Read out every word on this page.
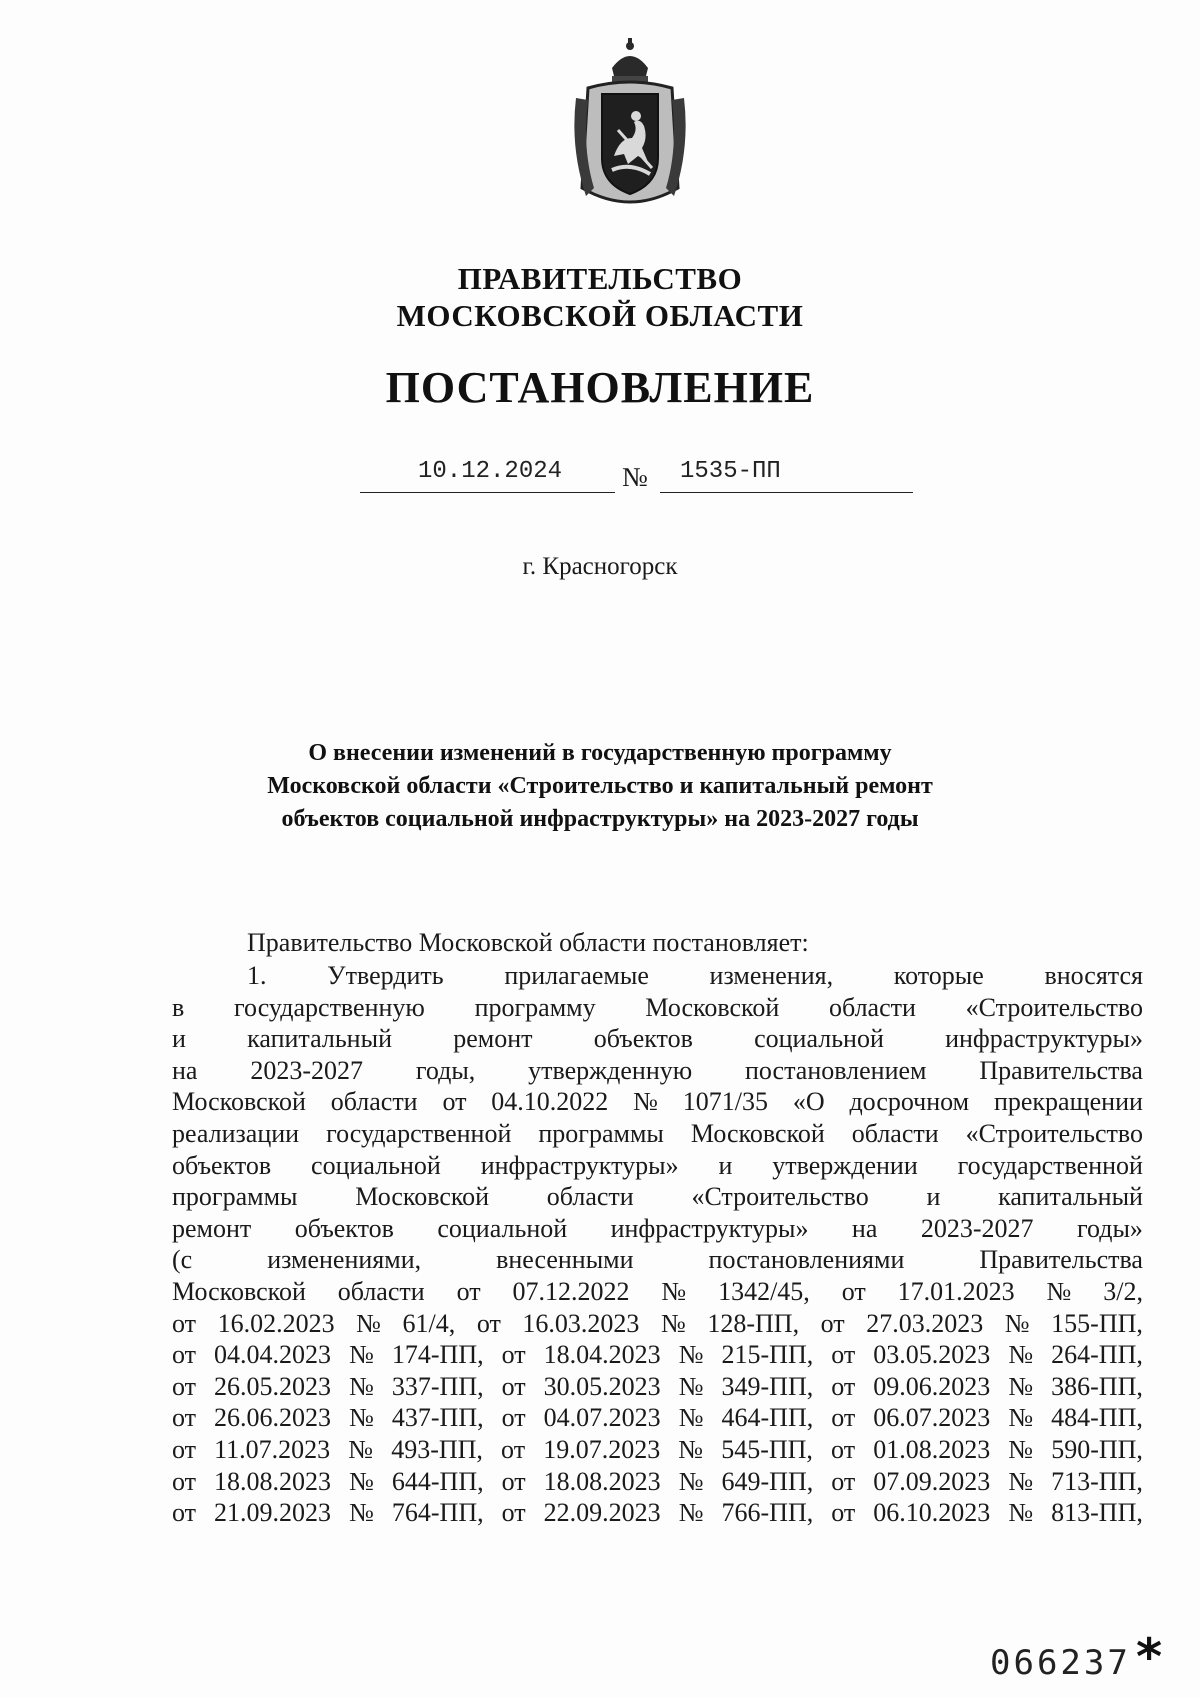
ПРАВИТЕЛЬСТВО
МОСКОВСКОЙ ОБЛАСТИ
ПОСТАНОВЛЕНИЕ
10.12.2024 № 1535-ПП
г. Красногорск
О внесении изменений в государственную программу
Московской области «Строительство и капитальный ремонт
объектов социальной инфраструктуры» на 2023-2027 годы
Правительство Московской области постановляет:
1. Утвердить прилагаемые изменения, которые вносятся
в государственную программу Московской области «Строительство
и капитальный ремонт объектов социальной инфраструктуры»
на 2023-2027 годы, утвержденную постановлением Правительства
Московской области от 04.10.2022 № 1071/35 «О досрочном прекращении
реализации государственной программы Московской области «Строительство
объектов социальной инфраструктуры» и утверждении государственной
программы Московской области «Строительство и капитальный
ремонт объектов социальной инфраструктуры» на 2023-2027 годы»
(с	изменениями,	внесенными	постановлениями	Правительства
Московской области от 07.12.2022 № 1342/45, от 17.01.2023 № 3/2,
от 16.02.2023 № 61/4, от 16.03.2023 № 128-ПП, от 27.03.2023 № 155-ПП,
от 04.04.2023 № 174-ПП, от 18.04.2023 № 215-ПП, от 03.05.2023 № 264-ПП,
от 26.05.2023 № 337-ПП, от 30.05.2023 № 349-ПП, от 09.06.2023 № 386-ПП,
от 26.06.2023 № 437-ПП, от 04.07.2023 № 464-ПП, от 06.07.2023 № 484-ПП,
от 11.07.2023 № 493-ПП, от 19.07.2023 № 545-ПП, от 01.08.2023 № 590-ПП,
от 18.08.2023 № 644-ПП, от 18.08.2023 № 649-ПП, от 07.09.2023 № 713-ПП,
от 21.09.2023 № 764-ПП, от 22.09.2023 № 766-ПП, от 06.10.2023 № 813-ПП,
066237 *
